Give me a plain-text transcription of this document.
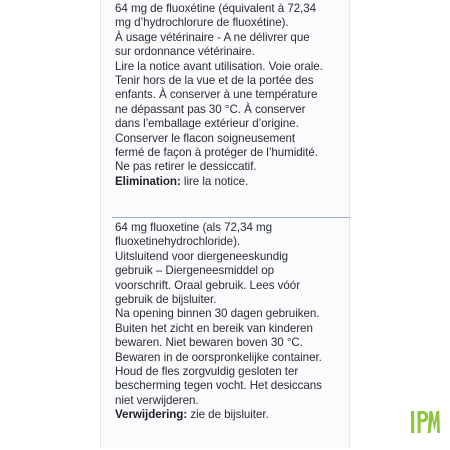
64 mg de fluoxétine (équivalent à 72,34
mg d’hydrochlorure de fluoxétine).
À usage vétérinaire - A ne délivrer que
sur ordonnance vétérinaire.
Lire la notice avant utilisation. Voie orale.
Tenir hors de la vue et de la portée des
enfants. À conserver à une température
ne dépassant pas 30 °C. À conserver
dans l’emballage extérieur d’origine.
Conserver le flacon soigneusement
fermé de façon à protéger de l’humidité.
Ne pas retirer le dessiccatif.
Elimination: lire la notice.
64 mg fluoxetine (als 72,34 mg
fluoxetinehydrochloride).
Uitsluitend voor diergeneeskundig
gebruik – Diergeneesmiddel op
voorschrift. Oraal gebruik. Lees vóór
gebruik de bijsluiter.
Na opening binnen 30 dagen gebruiken.
Buiten het zicht en bereik van kinderen
bewaren. Niet bewaren boven 30 °C.
Bewaren in de oorspronkelijke container.
Houd de fles zorgvuldig gesloten ter
bescherming tegen vocht. Het desiccans
niet verwijderen.
Verwijdering: zie de bijsluiter.
